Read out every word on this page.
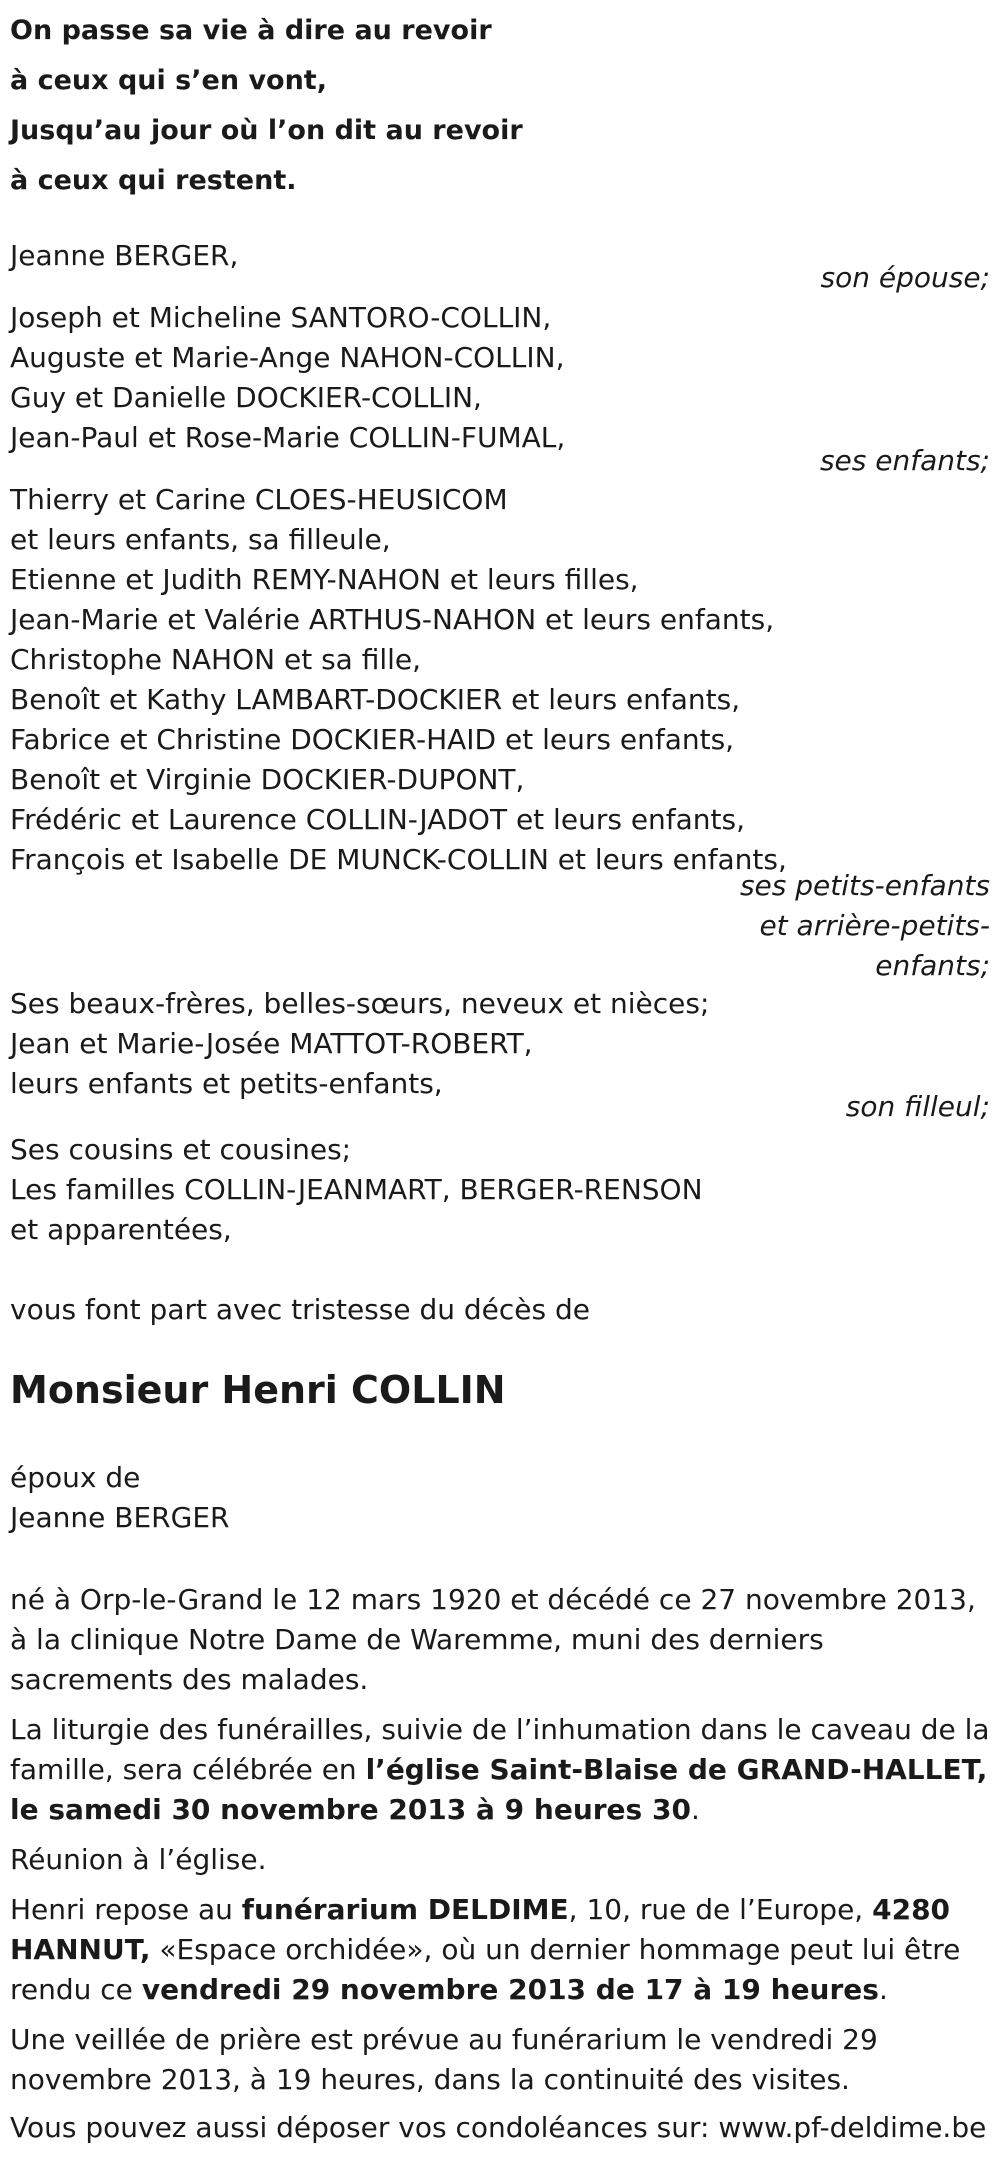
On passe sa vie à dire au revoir
à ceux qui s’en vont,
Jusqu’au jour où l’on dit au revoir
à ceux qui restent.
Jeanne BERGER,
son épouse;
Joseph et Micheline SANTORO-COLLIN,
Auguste et Marie-Ange NAHON-COLLIN,
Guy et Danielle DOCKIER-COLLIN,
Jean-Paul et Rose-Marie COLLIN-FUMAL,
ses enfants;
Thierry et Carine CLOES-HEUSICOM
et leurs enfants, sa filleule,
Etienne et Judith REMY-NAHON et leurs filles,
Jean-Marie et Valérie ARTHUS-NAHON et leurs enfants,
Christophe NAHON et sa fille,
Benoît et Kathy LAMBART-DOCKIER et leurs enfants,
Fabrice et Christine DOCKIER-HAID et leurs enfants,
Benoît et Virginie DOCKIER-DUPONT,
Frédéric et Laurence COLLIN-JADOT et leurs enfants,
François et Isabelle DE MUNCK-COLLIN et leurs enfants,
ses petits-enfants
et arrière-petits-
enfants;
Ses beaux-frères, belles-sœurs, neveux et nièces;
Jean et Marie-Josée MATTOT-ROBERT,
leurs enfants et petits-enfants,
son filleul;
Ses cousins et cousines;
Les familles COLLIN-JEANMART, BERGER-RENSON
et apparentées,
vous font part avec tristesse du décès de
Monsieur Henri COLLIN
époux de
Jeanne BERGER
né à Orp-le-Grand le 12 mars 1920 et décédé ce 27 novembre 2013, à la clinique Notre Dame de Waremme, muni des derniers sacrements des malades.
La liturgie des funérailles, suivie de l’inhumation dans le caveau de la famille, sera célébrée en l’église Saint-Blaise de GRAND-HALLET, le samedi 30 novembre 2013 à 9 heures 30.
Réunion à l’église.
Henri repose au funérarium DELDIME, 10, rue de l’Europe, 4280 HANNUT, «Espace orchidée», où un dernier hommage peut lui être rendu ce vendredi 29 novembre 2013 de 17 à 19 heures.
Une veillée de prière est prévue au funérarium le vendredi 29 novembre 2013, à 19 heures, dans la continuité des visites.
Vous pouvez aussi déposer vos condoléances sur: www.pf-deldime.be
